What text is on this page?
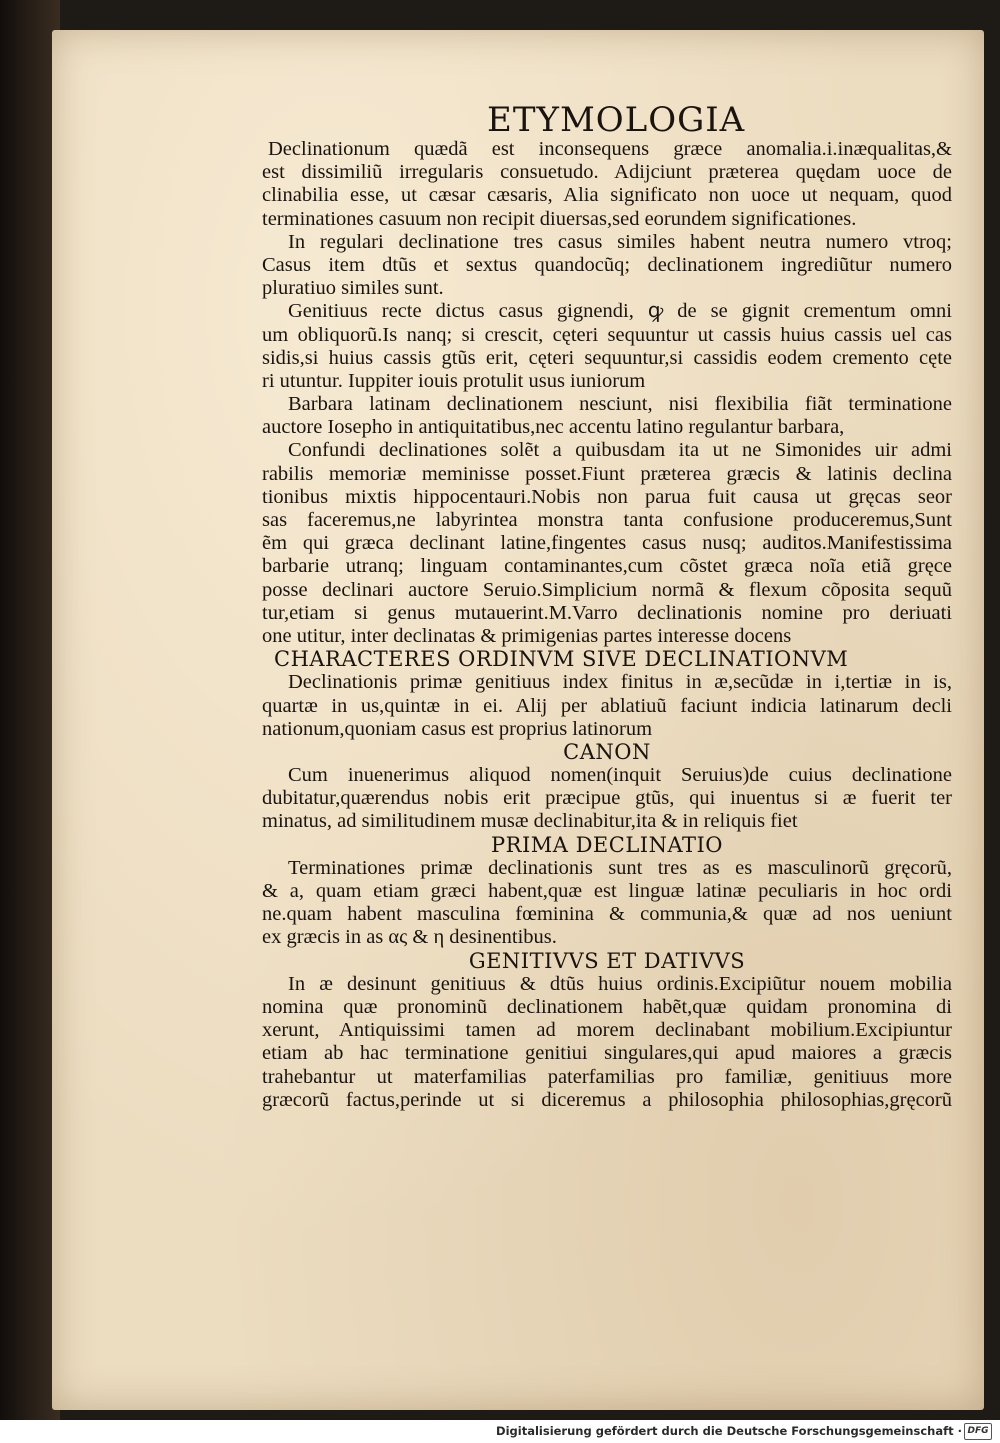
ETYMOLOGIA
Declinationum quædã est inconsequens græce anomalia.i.inæqualitas,&
est dissimiliũ irregularis consuetudo. Adijciunt præterea quędam uoce de
clinabilia esse, ut cæsar cæsaris, Alia significato non uoce ut nequam, quod
terminationes casuum non recipit diuersas,sed eorundem significationes.
In regulari declinatione tres casus similes habent neutra numero vtroq;
Casus item dtũs et sextus quandocũq; declinationem ingrediũtur numero
pluratiuo similes sunt.
Genitiuus recte dictus casus gignendi, ꝙ de se gignit crementum omni
um obliquorũ.Is nanq; si crescit, cęteri sequuntur ut cassis huius cassis uel cas
sidis,si huius cassis gtũs erit, cęteri sequuntur,si cassidis eodem cremento cęte
ri utuntur. Iuppiter iouis protulit usus iuniorum
Barbara latinam declinationem nesciunt, nisi flexibilia fiãt terminatione
auctore Iosepho in antiquitatibus,nec accentu latino regulantur barbara,
Confundi declinationes solẽt a quibusdam ita ut ne Simonides uir admi
rabilis memoriæ meminisse posset.Fiunt præterea græcis & latinis declina
tionibus mixtis hippocentauri.Nobis non parua fuit causa ut gręcas seor
sas faceremus,ne labyrintea monstra tanta confusione produceremus,Sunt
ẽm qui græca declinant latine,fingentes casus nusq; auditos.Manifestissima
barbarie utranq; linguam contaminantes,cum cõstet græca noĩa etiã gręce
posse declinari auctore Seruio.Simplicium normã & flexum cõposita sequũ
tur,etiam si genus mutauerint.M.Varro declinationis nomine pro deriuati
one utitur, inter declinatas & primigenias partes interesse docens
CHARACTERES ORDINVM SIVE DECLINATIONVM
Declinationis primæ genitiuus index finitus in æ,secũdæ in i,tertiæ in is,
quartæ in us,quintæ in ei. Alij per ablatiuũ faciunt indicia latinarum decli
nationum,quoniam casus est proprius latinorum
CANON
Cum inuenerimus aliquod nomen(inquit Seruius)de cuius declinatione
dubitatur,quærendus nobis erit præcipue gtũs, qui inuentus si æ fuerit ter
minatus, ad similitudinem musæ declinabitur,ita & in reliquis fiet
PRIMA DECLINATIO
Terminationes primæ declinationis sunt tres as es masculinorũ gręcorũ,
& a, quam etiam græci habent,quæ est linguæ latinæ peculiaris in hoc ordi
ne.quam habent masculina fœminina & communia,& quæ ad nos ueniunt
ex græcis in as ας & η desinentibus.
GENITIVVS ET DATIVVS
In æ desinunt genitiuus & dtũs huius ordinis.Excipiũtur nouem mobilia
nomina quæ pronominũ declinationem habẽt,quæ quidam pronomina di
xerunt, Antiquissimi tamen ad morem declinabant mobilium.Excipiuntur
etiam ab hac terminatione genitiui singulares,qui apud maiores a græcis
trahebantur ut materfamilias paterfamilias pro familiæ, genitiuus more
græcorũ factus,perinde ut si diceremus a philosophia philosophias,gręcorũ
Digitalisierung gefördert durch die Deutsche Forschungsgemeinschaft · DFG
